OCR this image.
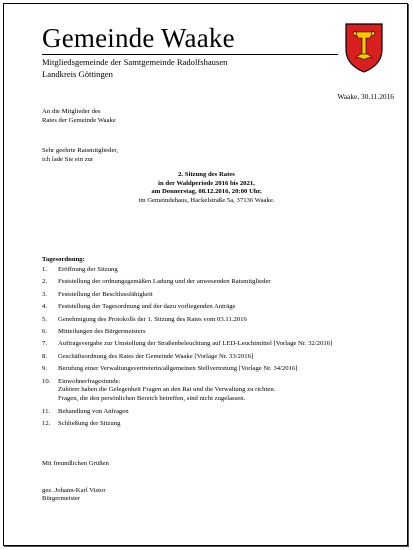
Gemeinde Waake
Mitgliedsgemeinde der Samtgemeinde Radolfshausen
Landkreis Göttingen
Waake, 30.11.2016
An die Mitglieder des
Rates der Gemeinde Waake
Sehr geehrte Ratsmitglieder,
ich lade Sie ein zur
2. Sitzung des Rates
in der Wahlperiode 2016 bis 2021,
am Donnerstag, 08.12.2016, 20:00 Uhr,
im Gemeindehaus, Hackelstraße 5a, 37136 Waake.
Tagesordnung:
1. Eröffnung der Sitzung
2. Feststellung der ordnungsgemäßen Ladung und der anwesenden Ratsmitglieder
3. Feststellung der Beschlussfähigkeit
4. Feststellung der Tagesordnung und der dazu vorliegenden Anträge
5. Genehmigung des Protokolls der 1. Sitzung des Rates vom 03.11.2016
6. Mitteilungen des Bürgermeisters
7. Auftragsvergabe zur Umstellung der Straßenbeleuchtung auf LED-Leuchtmittel [Vorlage Nr. 32/2016]
8. Geschäftsordnung des Rates der Gemeinde Waake [Vorlage Nr. 33/2016]
9. Berufung einer Verwaltungsvertreterin/allgemeinen Stellvertretung [Vorlage Nr. 34/2016]
10. Einwohnerfragestunde:
Zuhörer haben die Gelegenheit Fragen an den Rat und die Verwaltung zu richten.
Fragen, die den persönlichen Bereich betreffen, sind nicht zugelassen.
11. Behandlung von Anfragen
12. Schließung der Sitzung
Mit freundlichen Grüßen
gez. Johann-Karl Vistor
Bürgermeister
